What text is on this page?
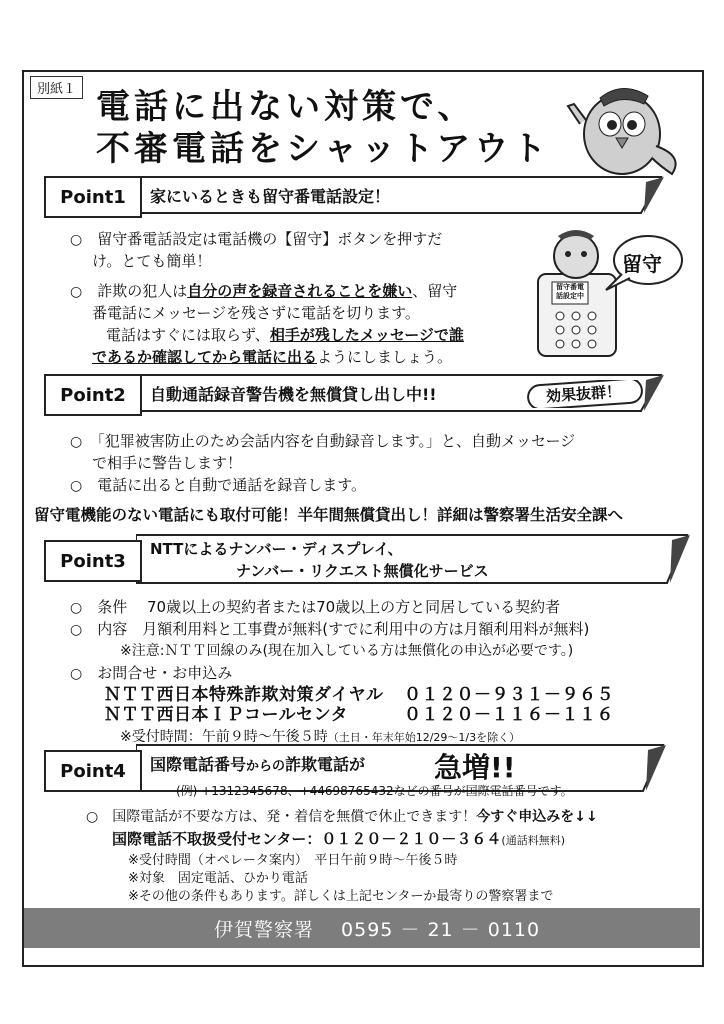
別紙１ 電話に出ない対策で、
不審電話をシャットアウト
Point1	家にいるときも留守番電話設定！
○　 留守番電話設定は電話機の【留守】ボタンを押すだ
け。とても簡単！
○　 詐欺の犯人は自分の声を録音されることを嫌い、留守
番電話にメッセージを残さずに電話を切ります。
電話はすぐには取らず、相手が残したメッセージで誰
であるか確認してから電話に出るようにしましょう。
留守番電話設定中
留守
Point2	自動通話録音警告機を無償貸し出し中!!	効果抜群！
○　 「犯罪被害防止のため会話内容を自動録音します。」と、自動メッセージ
で相手に警告します！
○　 電話に出ると自動で通話を録音します。
留守電機能のない電話にも取付可能！半年間無償貸出し！詳細は警察署生活安全課へ
Point3
NTTによるナンバー・ディスプレイ、
ナンバー・リクエスト無償化サービス
○　 条件　 70歳以上の契約者または70歳以上の方と同居している契約者
○　 内容　月額利用料と工事費が無料(すでに利用中の方は月額利用料が無料)
※注意:ＮＴＴ回線のみ(現在加入している方は無償化の申込が必要です。)
○　 お問合せ・お申込み
ＮＴＴ西日本特殊詐欺対策ダイヤル ０１２０－９３１－９６５
ＮＴＴ西日本ＩＰコールセンタ	０１２０－１１６－１１６
※受付時間：午前９時～午後５時（土日・年末年始12/29～1/3を除く）
Point4	国際電話番号からの詐欺電話が 急増!!
(例) +1312345678、+44698765432などの番号が国際電話番号です。
○　 国際電話が不要な方は、発・着信を無償で休止できます！今すぐ申込みを↓↓
国際電話不取扱受付センター：０１２０－２１０－３６４(通話料無料)
※受付時間（オペレータ案内）　平日午前９時～午後５時
※対象　固定電話、ひかり電話
※その他の条件もあります。詳しくは上記センターか最寄りの警察署まで
伊賀警察署　 0595 － 21 － 0110
